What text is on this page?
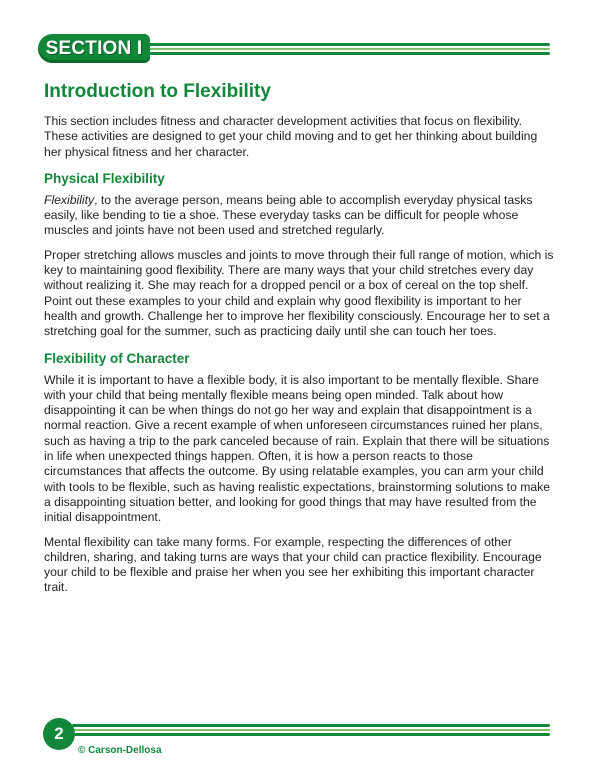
SECTION I
Introduction to Flexibility

This section includes fitness and character development activities that focus on flexibility. These activities are designed to get your child moving and to get her thinking about building her physical fitness and her character.

Physical Flexibility

Flexibility, to the average person, means being able to accomplish everyday physical tasks easily, like bending to tie a shoe. These everyday tasks can be difficult for people whose muscles and joints have not been used and stretched regularly.

Proper stretching allows muscles and joints to move through their full range of motion, which is key to maintaining good flexibility. There are many ways that your child stretches every day without realizing it. She may reach for a dropped pencil or a box of cereal on the top shelf. Point out these examples to your child and explain why good flexibility is important to her health and growth. Challenge her to improve her flexibility consciously. Encourage her to set a stretching goal for the summer, such as practicing daily until she can touch her toes.

Flexibility of Character

While it is important to have a flexible body, it is also important to be mentally flexible. Share with your child that being mentally flexible means being open minded. Talk about how disappointing it can be when things do not go her way and explain that disappointment is a normal reaction. Give a recent example of when unforeseen circumstances ruined her plans, such as having a trip to the park canceled because of rain. Explain that there will be situations in life when unexpected things happen. Often, it is how a person reacts to those circumstances that affects the outcome. By using relatable examples, you can arm your child with tools to be flexible, such as having realistic expectations, brainstorming solutions to make a disappointing situation better, and looking for good things that may have resulted from the initial disappointment.

Mental flexibility can take many forms. For example, respecting the differences of other children, sharing, and taking turns are ways that your child can practice flexibility. Encourage your child to be flexible and praise her when you see her exhibiting this important character trait.

2
© Carson-Dellosa
